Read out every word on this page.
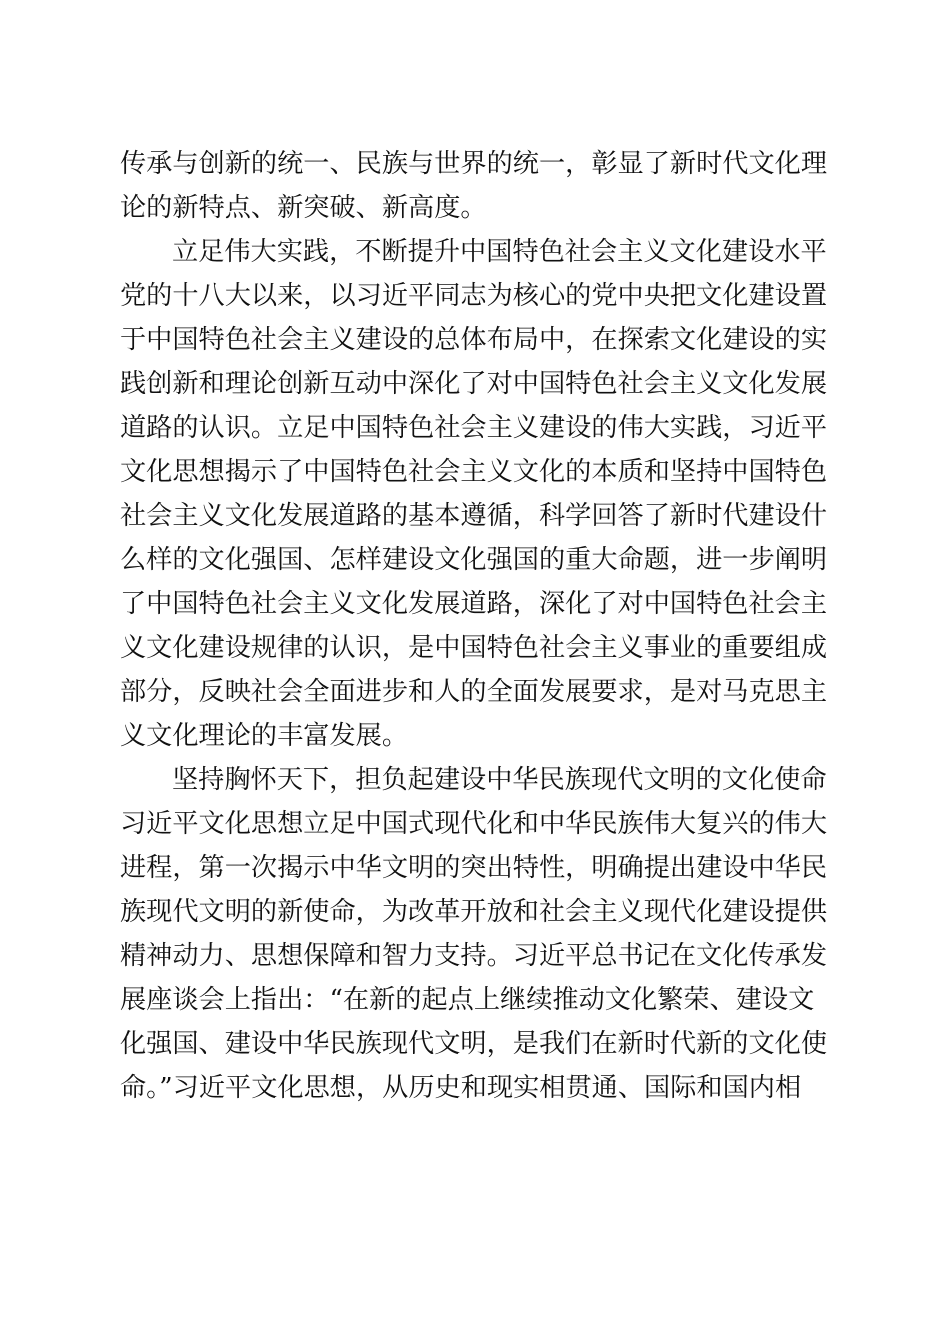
传承与创新的统一、民族与世界的统一，彰显了新时代文化理
论的新特点、新突破、新高度。
立足伟大实践，不断提升中国特色社会主义文化建设水平
党的十八大以来，以习近平同志为核心的党中央把文化建设置
于中国特色社会主义建设的总体布局中，在探索文化建设的实
践创新和理论创新互动中深化了对中国特色社会主义文化发展
道路的认识。立足中国特色社会主义建设的伟大实践，习近平
文化思想揭示了中国特色社会主义文化的本质和坚持中国特色
社会主义文化发展道路的基本遵循，科学回答了新时代建设什
么样的文化强国、怎样建设文化强国的重大命题，进一步阐明
了中国特色社会主义文化发展道路，深化了对中国特色社会主
义文化建设规律的认识，是中国特色社会主义事业的重要组成
部分，反映社会全面进步和人的全面发展要求，是对马克思主
义文化理论的丰富发展。
坚持胸怀天下，担负起建设中华民族现代文明的文化使命
习近平文化思想立足中国式现代化和中华民族伟大复兴的伟大
进程，第一次揭示中华文明的突出特性，明确提出建设中华民
族现代文明的新使命，为改革开放和社会主义现代化建设提供
精神动力、思想保障和智力支持。习近平总书记在文化传承发
展座谈会上指出：“在新的起点上继续推动文化繁荣、建设文
化强国、建设中华民族现代文明，是我们在新时代新的文化使
命。”习近平文化思想，从历史和现实相贯通、国际和国内相
